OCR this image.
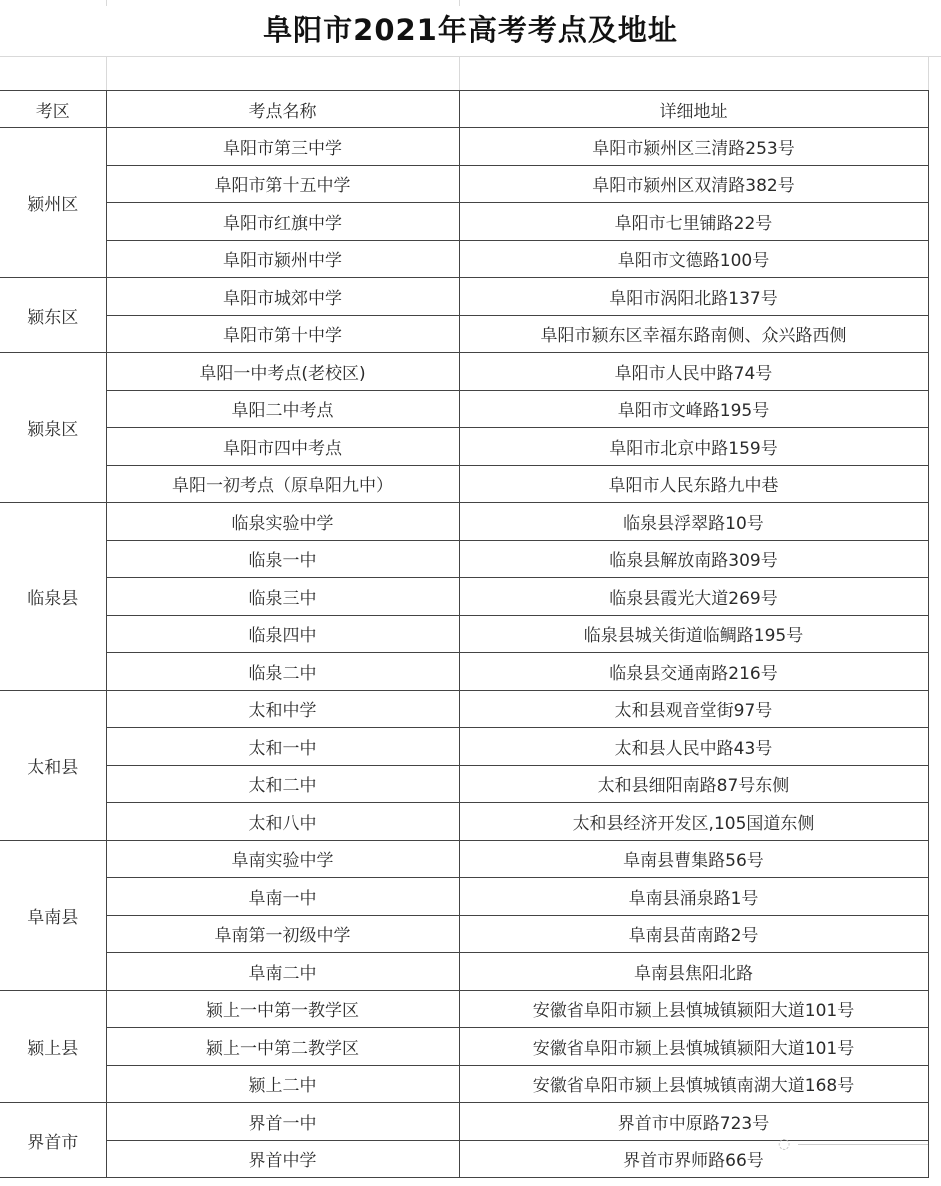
阜阳市2021年高考考点及地址
考区	考点名称	详细地址	
颍州区	阜阳市第三中学	阜阳市颍州区三清路253号	
	阜阳市第十五中学	阜阳市颍州区双清路382号	
	阜阳市红旗中学	阜阳市七里铺路22号	
	阜阳市颍州中学	阜阳市文德路100号	
颍东区	阜阳市城郊中学	阜阳市涡阳北路137号	
	阜阳市第十中学	阜阳市颍东区幸福东路南侧、众兴路西侧	
颍泉区	阜阳一中考点(老校区)	阜阳市人民中路74号	
	阜阳二中考点	阜阳市文峰路195号	
	阜阳市四中考点	阜阳市北京中路159号	
	阜阳一初考点（原阜阳九中）	阜阳市人民东路九中巷	
临泉县	临泉实验中学	临泉县浮翠路10号	
	临泉一中	临泉县解放南路309号	
	临泉三中	临泉县霞光大道269号	
	临泉四中	临泉县城关街道临鲷路195号	
	临泉二中	临泉县交通南路216号	
太和县	太和中学	太和县观音堂街97号	
	太和一中	太和县人民中路43号	
	太和二中	太和县细阳南路87号东侧	
	太和八中	太和县经济开发区,105国道东侧	
阜南县	阜南实验中学	阜南县曹集路56号	
	阜南一中	阜南县涌泉路1号	
	阜南第一初级中学	阜南县苗南路2号	
	阜南二中	阜南县焦阳北路	
颍上县	颍上一中第一教学区	安徽省阜阳市颍上县慎城镇颍阳大道101号	
	颍上一中第二教学区	安徽省阜阳市颍上县慎城镇颍阳大道101号	
	颍上二中	安徽省阜阳市颍上县慎城镇南湖大道168号	
界首市	界首一中	界首市中原路723号	
	界首中学	界首市界师路66号	
◌
